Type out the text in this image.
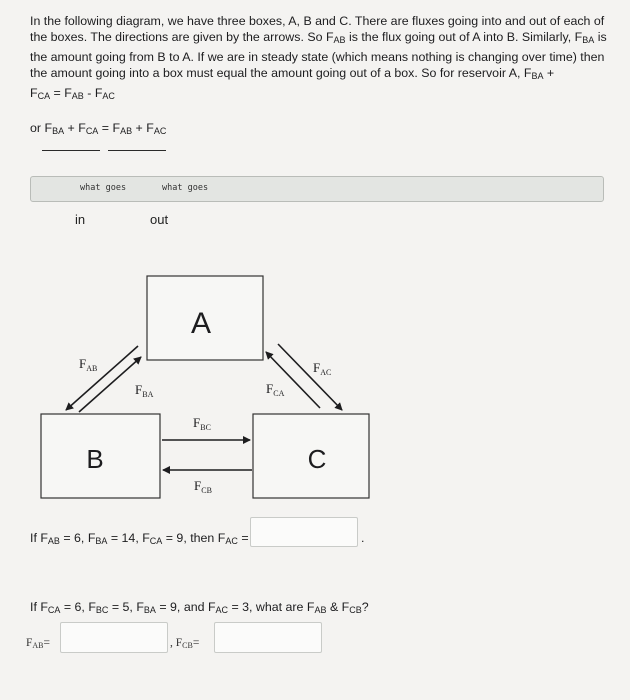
In the following diagram, we have three boxes, A, B and C. There are fluxes going into and out of each of the boxes. The directions are given by the arrows. So $F_{AB}$ is the flux going out of A into B. Similarly, $F_{BA}$ is the amount going from B to A. If we are in steady state (which means nothing is changing over time) then the amount going into a box must equal the amount going out of a box. So for reservoir A, $F_{BA}$ +
$F_{CA} = F_{AB} - F_{AC}$
or $F_{BA} + F_{CA} = F_{AB} + F_{AC}$
what goes	what goes
in	out
A
B	C
$F_{AB}$
$F_{BA}$
$F_{BC}$
$F_{CB}$
$F_{CA}$
$F_{AC}$
If $F_{AB} = 6$, $F_{BA} = 14$, $F_{CA} = 9$, then $F_{AC}$ =	.
If $F_{CA} = 6$, $F_{BC} = 5$, $F_{BA} = 9$, and $F_{AC} = 3$, what are $F_{AB}$ & $F_{CB}$?
$F_{AB}=$	, $F_{CB}=$
